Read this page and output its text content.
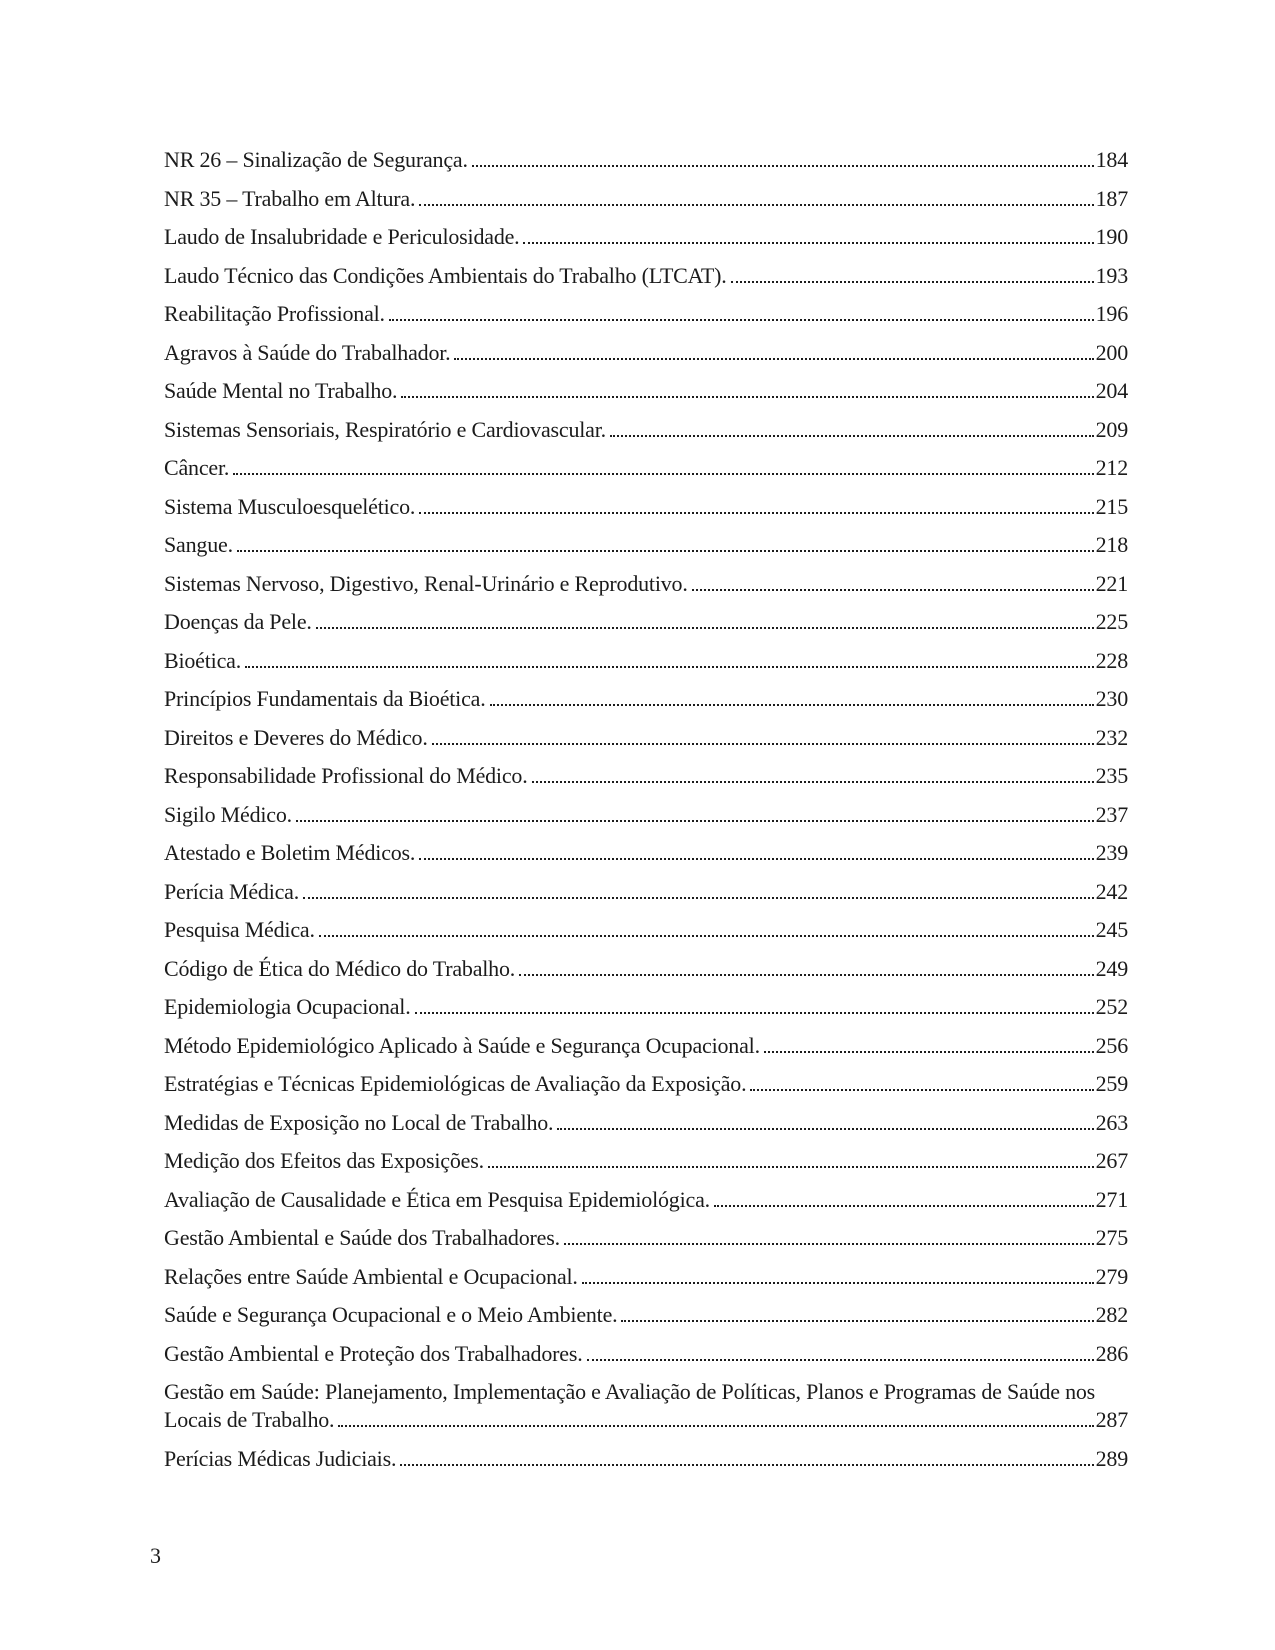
NR 26 – Sinalização de Segurança.	184
NR 35 – Trabalho em Altura.	187
Laudo de Insalubridade e Periculosidade.	190
Laudo Técnico das Condições Ambientais do Trabalho (LTCAT).	193
Reabilitação Profissional.	196
Agravos à Saúde do Trabalhador.	200
Saúde Mental no Trabalho.	204
Sistemas Sensoriais, Respiratório e Cardiovascular.	209
Câncer.	212
Sistema Musculoesquelético.	215
Sangue.	218
Sistemas Nervoso, Digestivo, Renal-Urinário e Reprodutivo.	221
Doenças da Pele.	225
Bioética.	228
Princípios Fundamentais da Bioética.	230
Direitos e Deveres do Médico.	232
Responsabilidade Profissional do Médico.	235
Sigilo Médico.	237
Atestado e Boletim Médicos.	239
Perícia Médica.	242
Pesquisa Médica.	245
Código de Ética do Médico do Trabalho.	249
Epidemiologia Ocupacional.	252
Método Epidemiológico Aplicado à Saúde e Segurança Ocupacional.	256
Estratégias e Técnicas Epidemiológicas de Avaliação da Exposição.	259
Medidas de Exposição no Local de Trabalho.	263
Medição dos Efeitos das Exposições.	267
Avaliação de Causalidade e Ética em Pesquisa Epidemiológica.	271
Gestão Ambiental e Saúde dos Trabalhadores.	275
Relações entre Saúde Ambiental e Ocupacional.	279
Saúde e Segurança Ocupacional e o Meio Ambiente.	282
Gestão Ambiental e Proteção dos Trabalhadores.	286
Gestão em Saúde: Planejamento, Implementação e Avaliação de Políticas, Planos e Programas de Saúde nos
Locais de Trabalho.	287
Perícias Médicas Judiciais.	289
3
